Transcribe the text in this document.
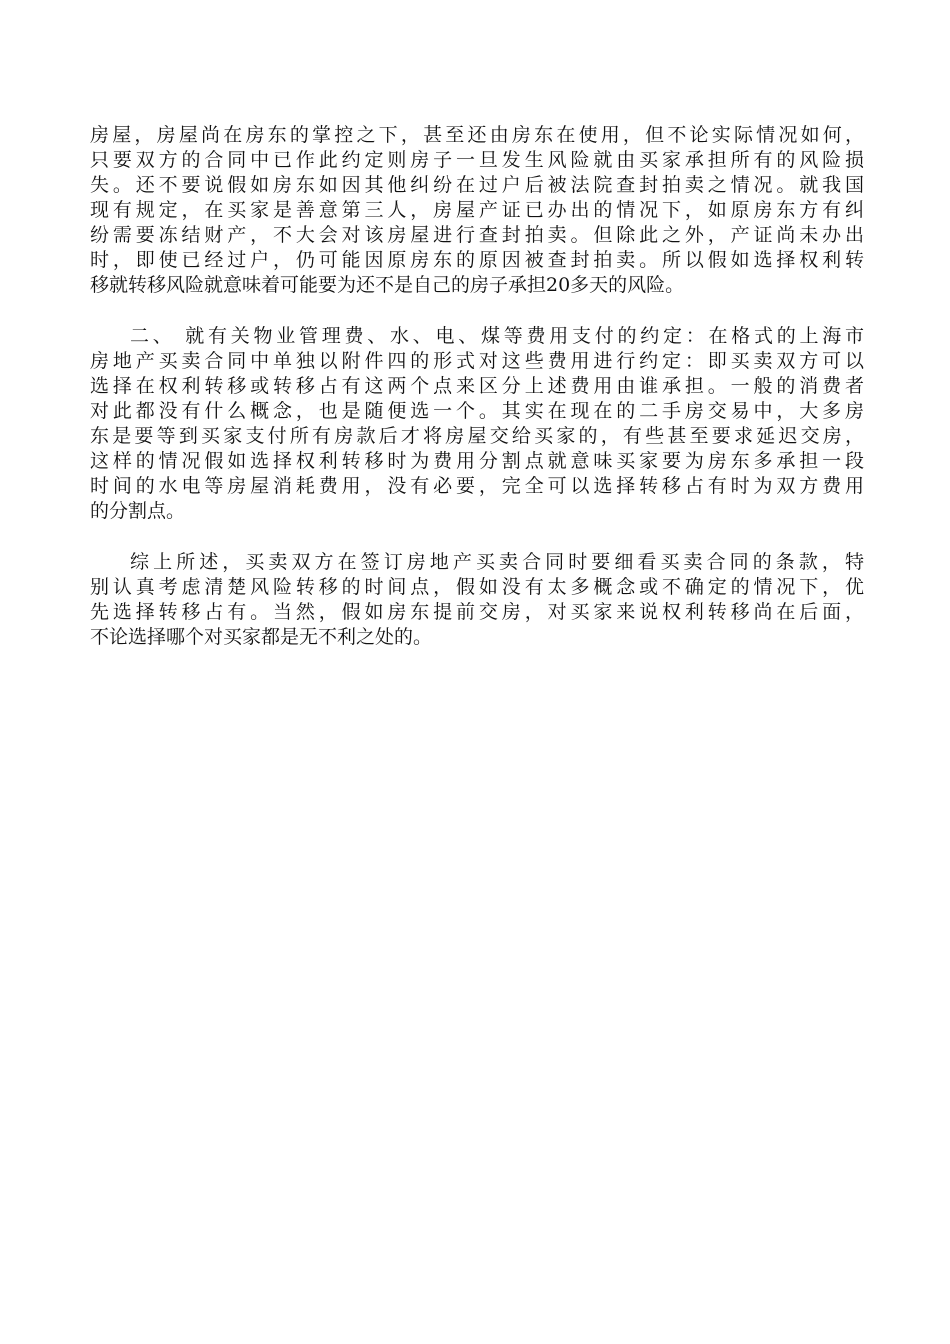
房屋，房屋尚在房东的掌控之下，甚至还由房东在使用，但不论实际情况如何，
只要双方的合同中已作此约定则房子一旦发生风险就由买家承担所有的风险损
失。还不要说假如房东如因其他纠纷在过户后被法院查封拍卖之情况。就我国
现有规定，在买家是善意第三人，房屋产证已办出的情况下，如原房东方有纠
纷需要冻结财产，不大会对该房屋进行查封拍卖。但除此之外，产证尚未办出
时，即使已经过户，仍可能因原房东的原因被查封拍卖。所以假如选择权利转
移就转移风险就意味着可能要为还不是自己的房子承担20多天的风险。

二、 就有关物业管理费、水、电、煤等费用支付的约定：在格式的上海市
房地产买卖合同中单独以附件四的形式对这些费用进行约定：即买卖双方可以
选择在权利转移或转移占有这两个点来区分上述费用由谁承担。一般的消费者
对此都没有什么概念，也是随便选一个。其实在现在的二手房交易中，大多房
东是要等到买家支付所有房款后才将房屋交给买家的，有些甚至要求延迟交房，
这样的情况假如选择权利转移时为费用分割点就意味买家要为房东多承担一段
时间的水电等房屋消耗费用，没有必要，完全可以选择转移占有时为双方费用
的分割点。

综上所述，买卖双方在签订房地产买卖合同时要细看买卖合同的条款，特
别认真考虑清楚风险转移的时间点，假如没有太多概念或不确定的情况下，优
先选择转移占有。当然，假如房东提前交房，对买家来说权利转移尚在后面，
不论选择哪个对买家都是无不利之处的。
